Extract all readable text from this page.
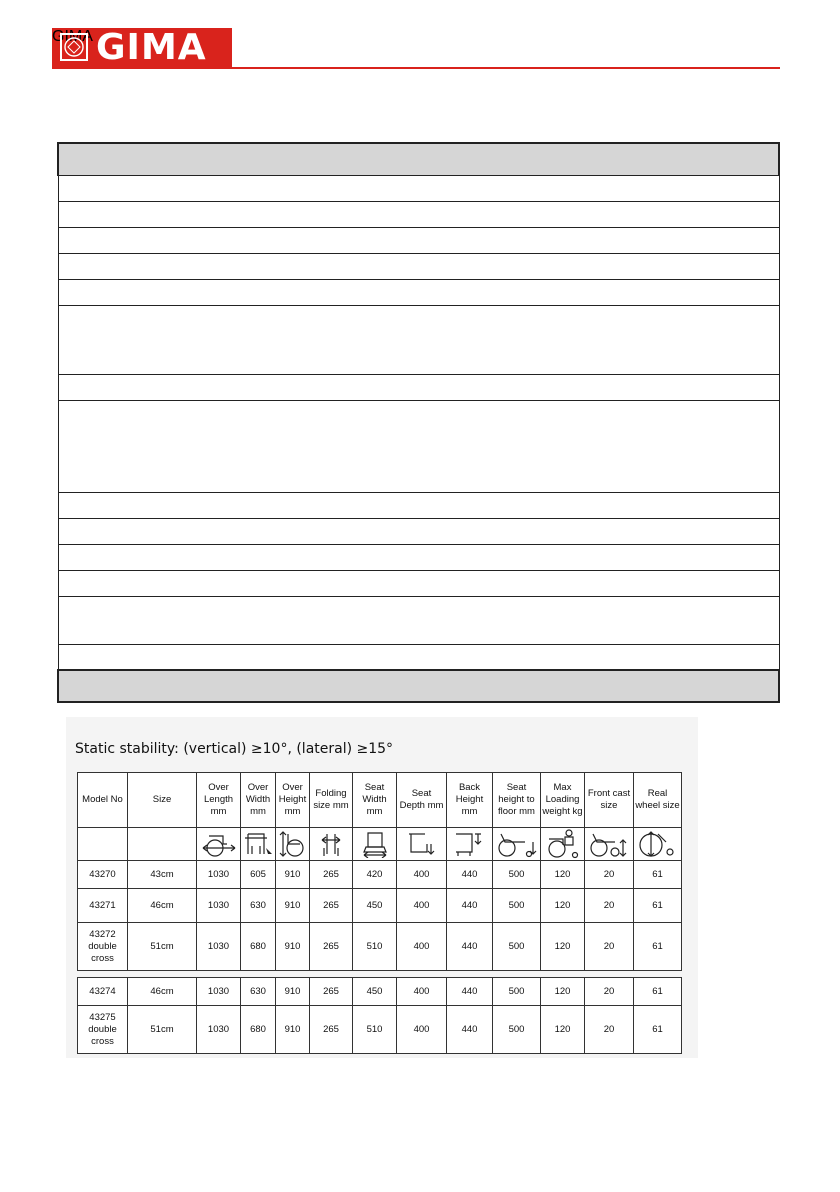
GIMA
GIMA

Static stability: (vertical) ≥10°, (lateral) ≥15°
Model No	Size	Over Length mm	Over Width mm	Over Height mm	Folding size mm	Seat Width mm	Seat Depth mm	Back Height mm	Seat height to floor mm	Max Loading weight kg	Front cast size	Real wheel size

43270	43cm	1030	605	910	265	420	400	440	500	120	20	61
43271	46cm	1030	630	910	265	450	400	440	500	120	20	61
43272 double cross	51cm	1030	680	910	265	510	400	440	500	120	20	61
43274	46cm	1030	630	910	265	450	400	440	500	120	20	61
43275 double cross	51cm	1030	680	910	265	510	400	440	500	120	20	61
